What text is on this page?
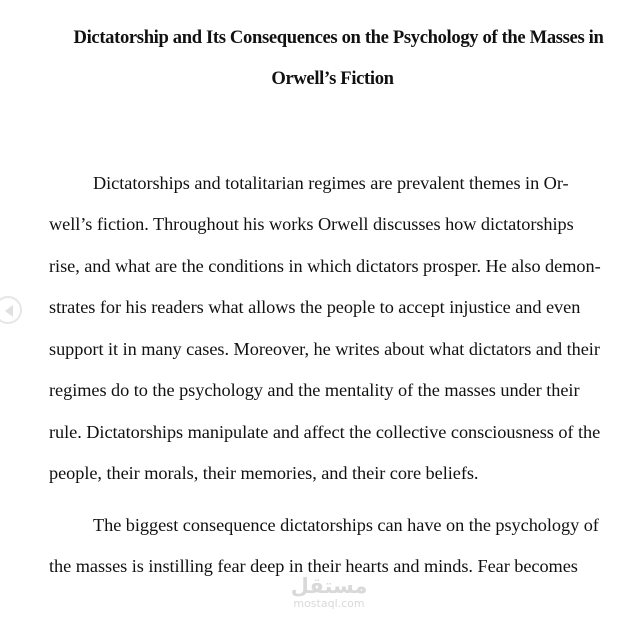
Dictatorship and Its Consequences on the Psychology of the Masses in
Orwell’s Fiction
Dictatorships and totalitarian regimes are prevalent themes in Or-
well’s fiction. Throughout his works Orwell discusses how dictatorships
rise, and what are the conditions in which dictators prosper. He also demon-
strates for his readers what allows the people to accept injustice and even
support it in many cases. Moreover, he writes about what dictators and their
regimes do to the psychology and the mentality of the masses under their
rule. Dictatorships manipulate and affect the collective consciousness of the
people, their morals, their memories, and their core beliefs.
The biggest consequence dictatorships can have on the psychology of
the masses is instilling fear deep in their hearts and minds. Fear becomes
مستقل
mostaql.com
